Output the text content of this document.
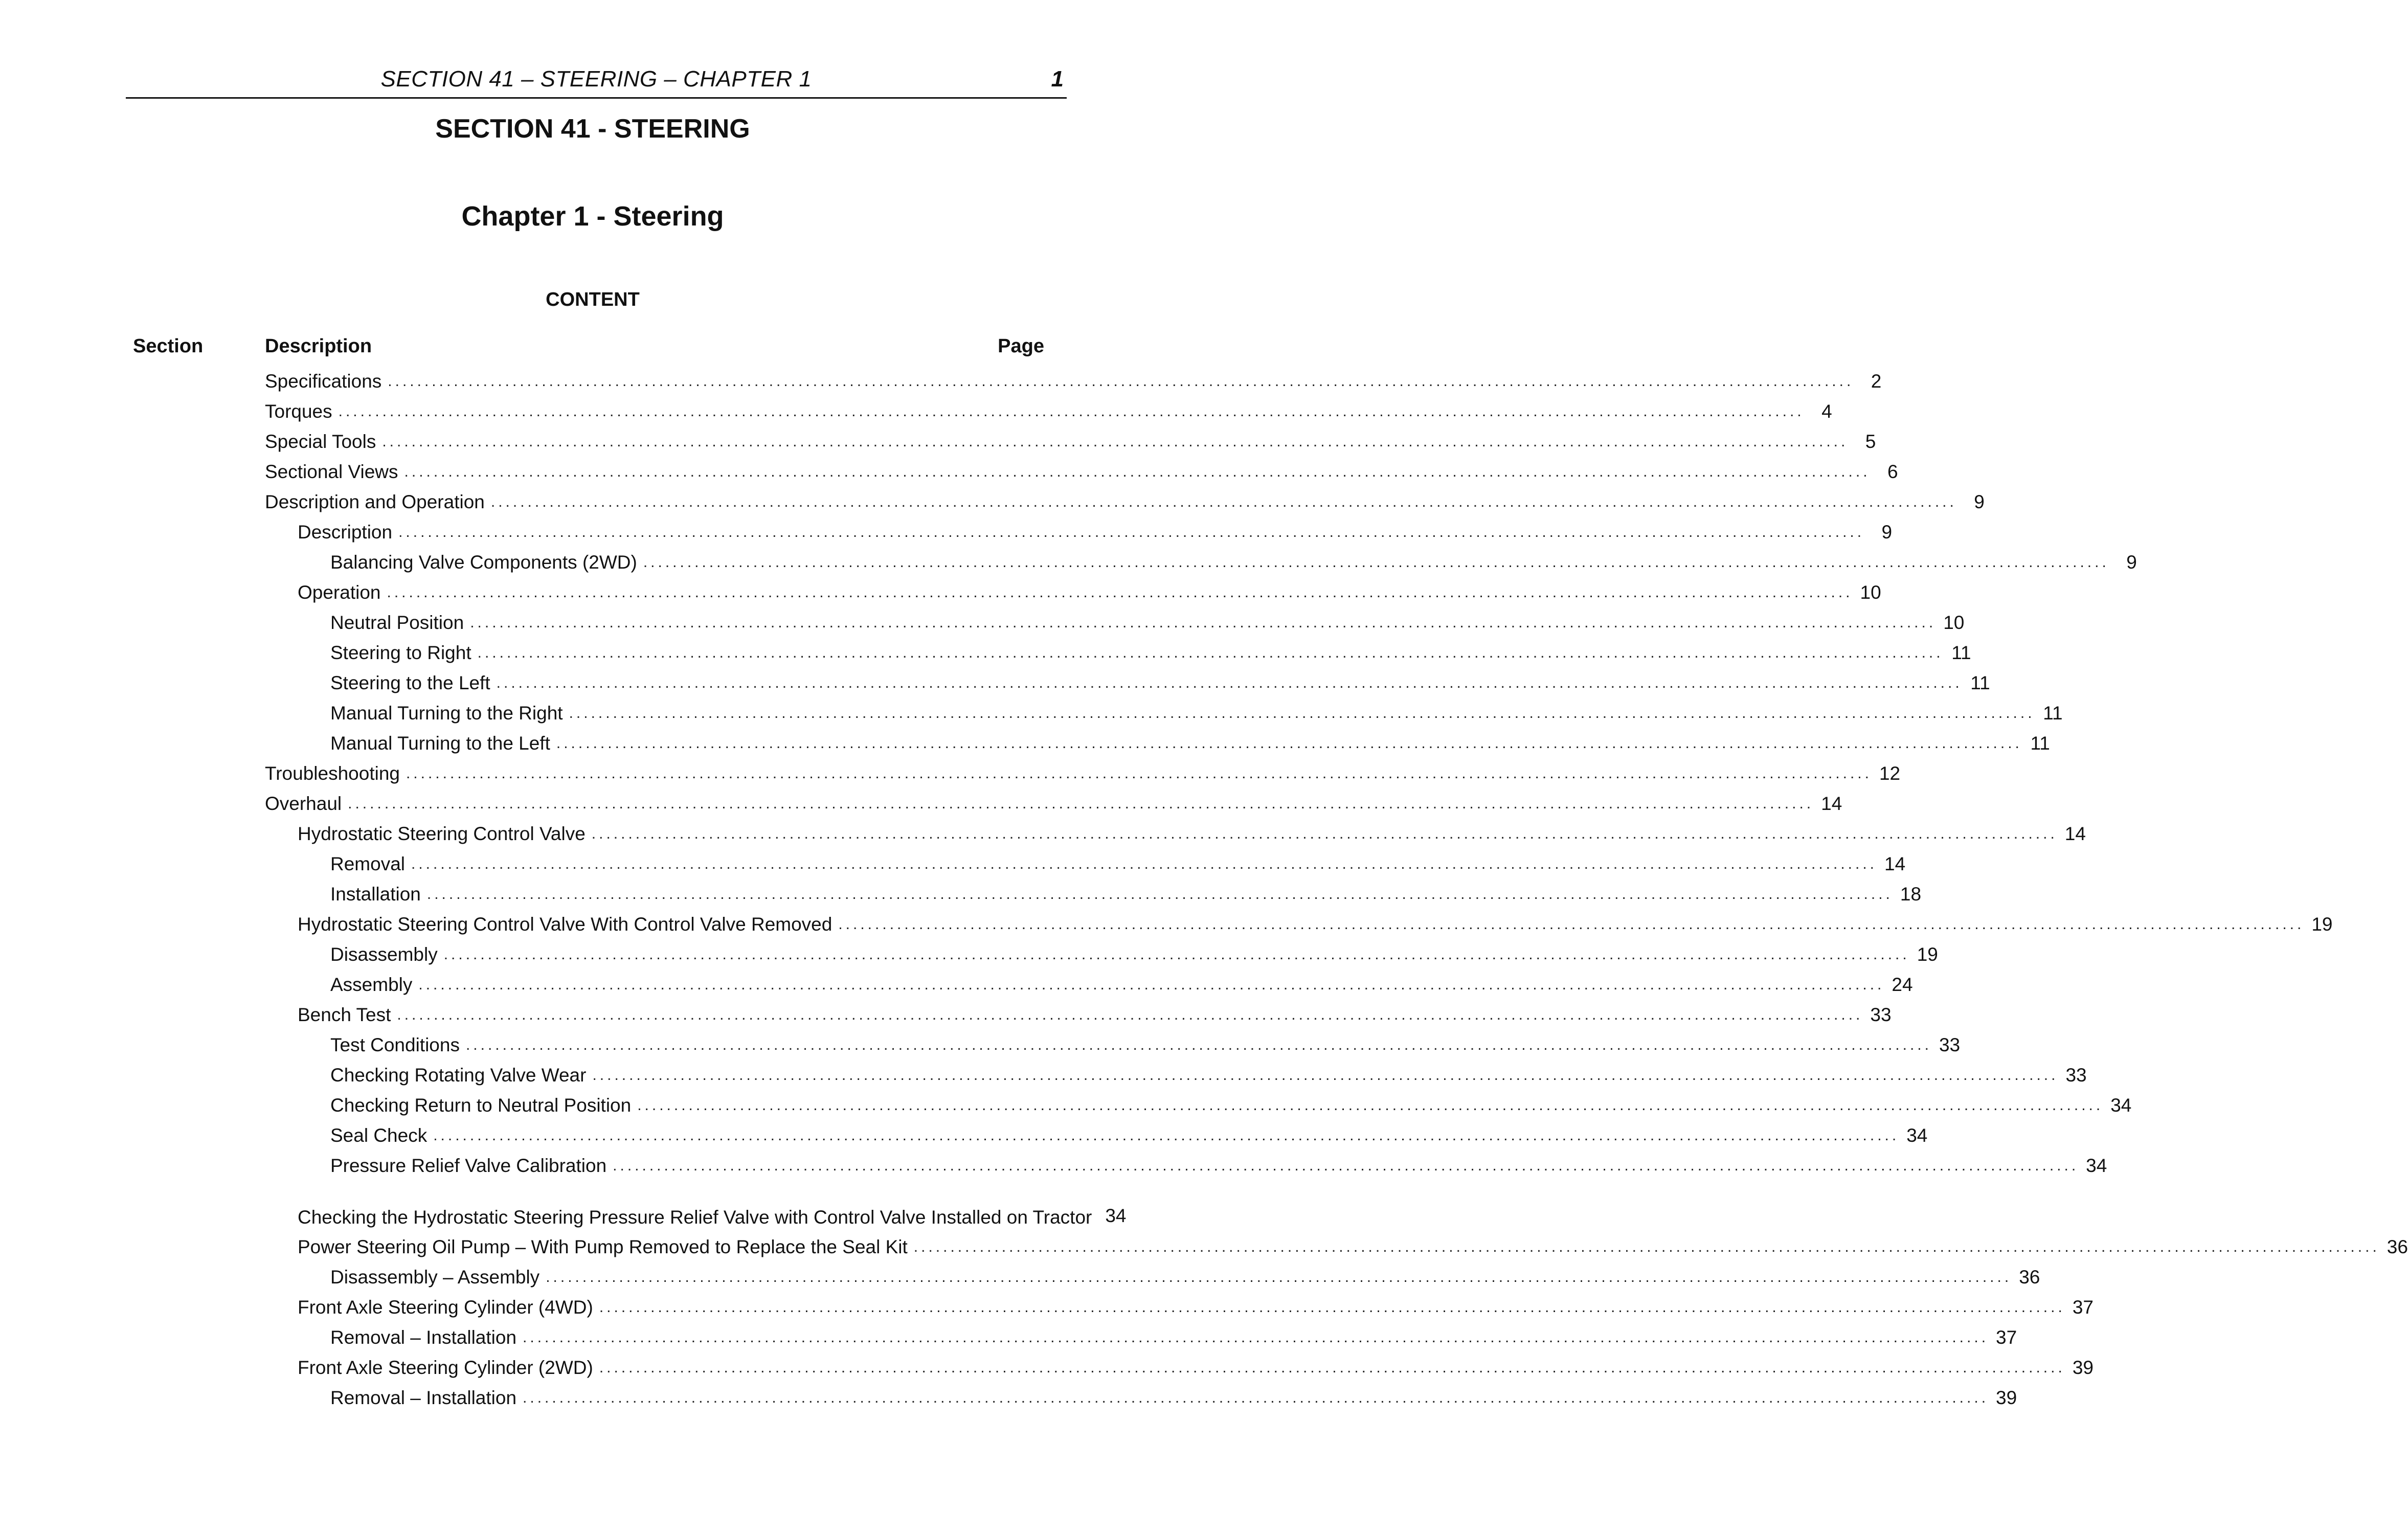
SECTION 41 – STEERING – CHAPTER 1	1
SECTION 41 - STEERING
Chapter 1 - Steering
CONTENT
Section	Description	Page
Specifications ........................................................................................................................................................................................................ 2
Torques ........................................................................................................................................................................................................ 4
Special Tools ........................................................................................................................................................................................................ 5
Sectional Views ........................................................................................................................................................................................................ 6
Description and Operation ........................................................................................................................................................................................................ 9
Description ........................................................................................................................................................................................................ 9
Balancing Valve Components (2WD) ........................................................................................................................................................................................................ 9
Operation ........................................................................................................................................................................................................ 10
Neutral Position ........................................................................................................................................................................................................ 10
Steering to Right ........................................................................................................................................................................................................ 11
Steering to the Left ........................................................................................................................................................................................................ 11
Manual Turning to the Right ........................................................................................................................................................................................................ 11
Manual Turning to the Left ........................................................................................................................................................................................................ 11
Troubleshooting ........................................................................................................................................................................................................ 12
Overhaul ........................................................................................................................................................................................................ 14
Hydrostatic Steering Control Valve ........................................................................................................................................................................................................ 14
Removal ........................................................................................................................................................................................................ 14
Installation ........................................................................................................................................................................................................ 18
Hydrostatic Steering Control Valve With Control Valve Removed ........................................................................................................................................................................................................ 19
Disassembly ........................................................................................................................................................................................................ 19
Assembly ........................................................................................................................................................................................................ 24
Bench Test ........................................................................................................................................................................................................ 33
Test Conditions ........................................................................................................................................................................................................ 33
Checking Rotating Valve Wear ........................................................................................................................................................................................................ 33
Checking Return to Neutral Position ........................................................................................................................................................................................................ 34
Seal Check ........................................................................................................................................................................................................ 34
Pressure Relief Valve Calibration ........................................................................................................................................................................................................ 34
Checking the Hydrostatic Steering Pressure Relief Valve with Control Valve Installed on Tractor 34
Power Steering Oil Pump – With Pump Removed to Replace the Seal Kit ........................................................................................................................................................................................................ 36
Disassembly – Assembly ........................................................................................................................................................................................................ 36
Front Axle Steering Cylinder (4WD) ........................................................................................................................................................................................................ 37
Removal – Installation ........................................................................................................................................................................................................ 37
Front Axle Steering Cylinder (2WD) ........................................................................................................................................................................................................ 39
Removal – Installation ........................................................................................................................................................................................................ 39
